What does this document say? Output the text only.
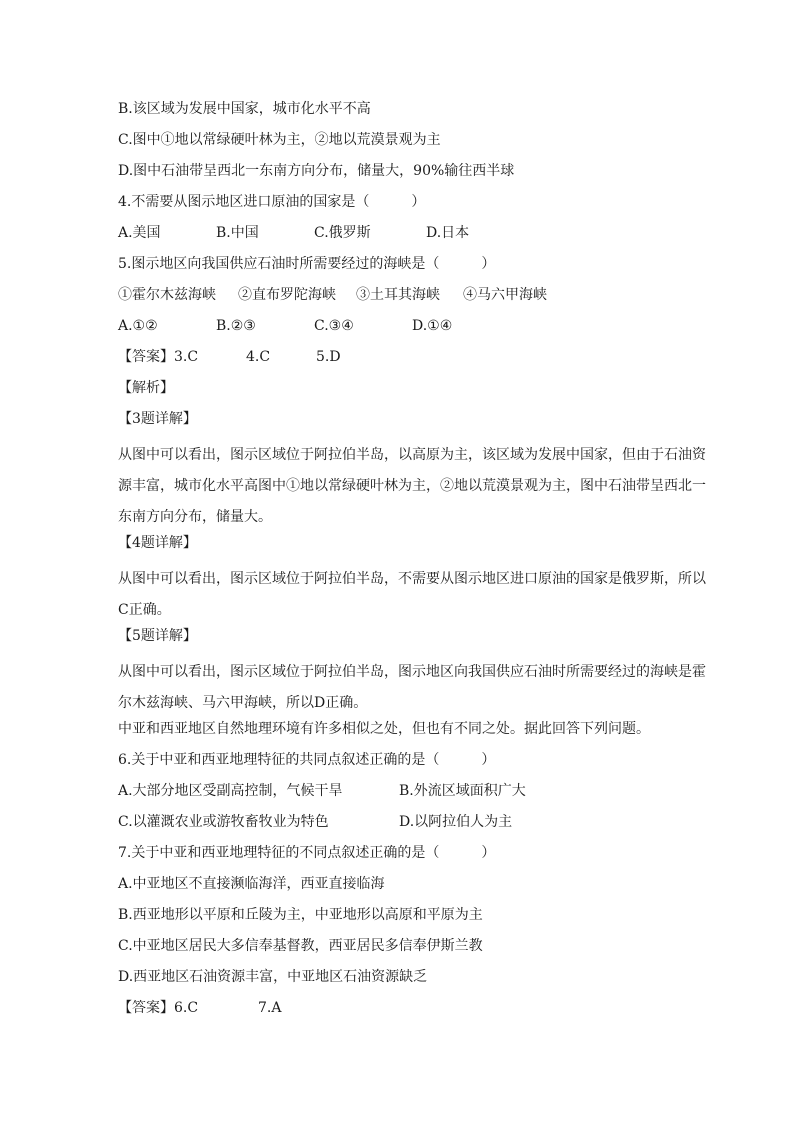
B.该区域为发展中国家，城市化水平不高
C.图中①地以常绿硬叶林为主，②地以荒漠景观为主
D.图中石油带呈西北一东南方向分布，储量大，90%输往西半球
4.不需要从图示地区进口原油的国家是（　　　）
A.美国	B.中国	C.俄罗斯	D.日本
5.图示地区向我国供应石油时所需要经过的海峡是（　　　）
①霍尔木兹海峡	②直布罗陀海峡	③土耳其海峡	④马六甲海峡
A.①②	B.②③	C.③④	D.①④
【答案】 3.C	4.C	5.D
【解析】
【3题详解】
从图中可以看出，图示区域位于阿拉伯半岛，以高原为主，该区域为发展中国家，但由于石油资源丰富，城市化水平高图中①地以常绿硬叶林为主，②地以荒漠景观为主，图中石油带呈西北一东南方向分布，储量大。
【4题详解】
从图中可以看出，图示区域位于阿拉伯半岛，不需要从图示地区进口原油的国家是俄罗斯，所以C正确。
【5题详解】
从图中可以看出，图示区域位于阿拉伯半岛，图示地区向我国供应石油时所需要经过的海峡是霍尔木兹海峡、马六甲海峡，所以D正确。
中亚和西亚地区自然地理环境有许多相似之处，但也有不同之处。据此回答下列问题。
6.关于中亚和西亚地理特征的共同点叙述正确的是（　　　）
A.大部分地区受副高控制，气候干旱	B.外流区域面积广大
C.以灌溉农业或游牧畜牧业为特色	D.以阿拉伯人为主
7.关于中亚和西亚地理特征的不同点叙述正确的是（　　　）
A.中亚地区不直接濒临海洋，西亚直接临海
B.西亚地形以平原和丘陵为主，中亚地形以高原和平原为主
C.中亚地区居民大多信奉基督教，西亚居民多信奉伊斯兰教
D.西亚地区石油资源丰富，中亚地区石油资源缺乏
【答案】 6.C	7.A
